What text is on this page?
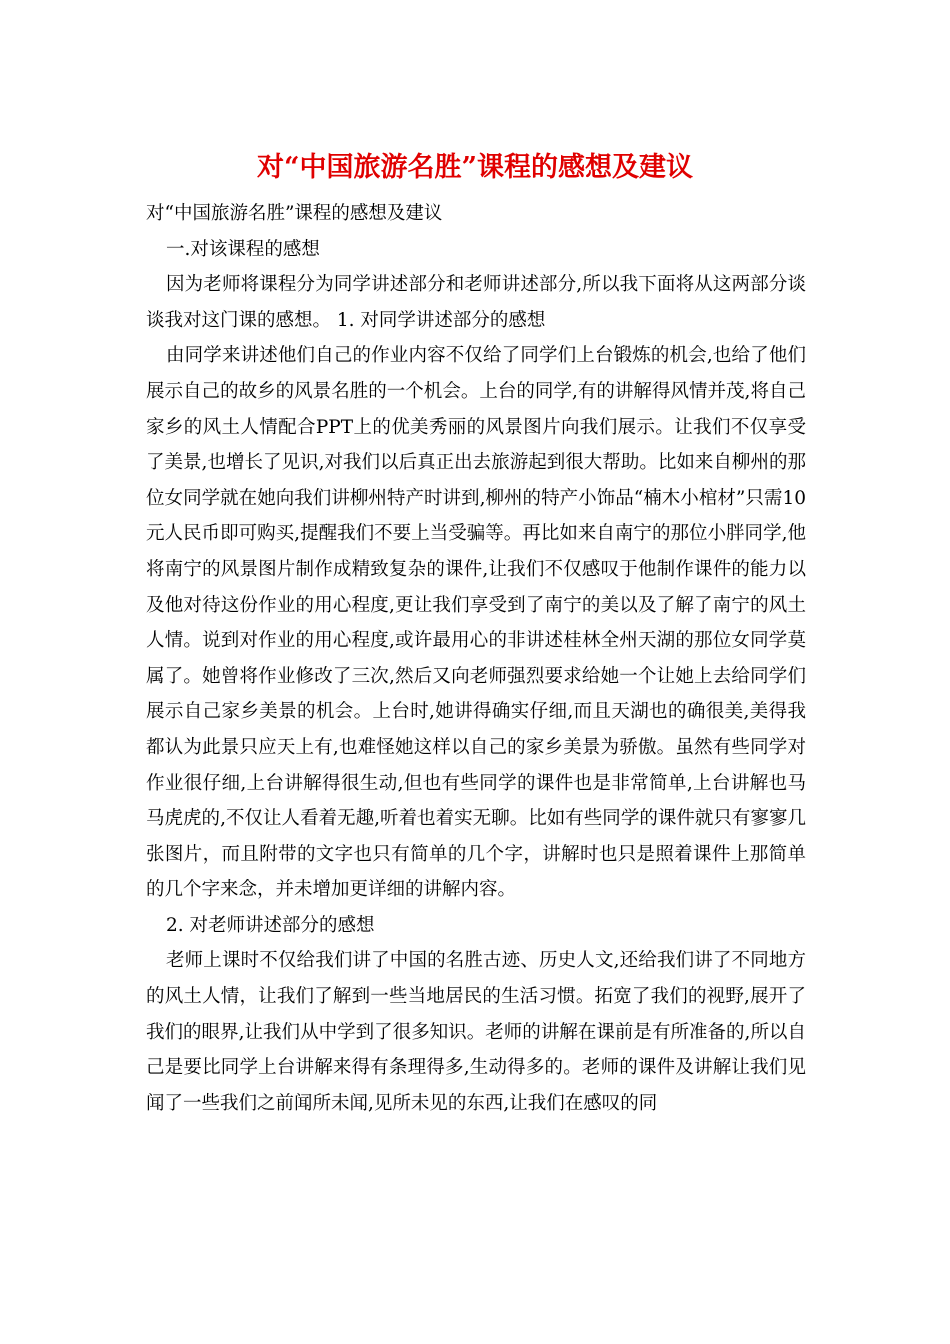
对“中国旅游名胜”课程的感想及建议

对“中国旅游名胜”课程的感想及建议

一.对该课程的感想

因为老师将课程分为同学讲述部分和老师讲述部分,所以我下面将从这两部分谈谈我对这门课的感想。 1. 对同学讲述部分的感想

由同学来讲述他们自己的作业内容不仅给了同学们上台锻炼的机会,也给了他们展示自己的故乡的风景名胜的一个机会。上台的同学,有的讲解得风情并茂,将自己家乡的风土人情配合PPT上的优美秀丽的风景图片向我们展示。让我们不仅享受了美景,也增长了见识,对我们以后真正出去旅游起到很大帮助。比如来自柳州的那位女同学就在她向我们讲柳州特产时讲到,柳州的特产小饰品“楠木小棺材”只需10元人民币即可购买,提醒我们不要上当受骗等。再比如来自南宁的那位小胖同学,他将南宁的风景图片制作成精致复杂的课件,让我们不仅感叹于他制作课件的能力以及他对待这份作业的用心程度,更让我们享受到了南宁的美以及了解了南宁的风土人情。说到对作业的用心程度,或许最用心的非讲述桂林全州天湖的那位女同学莫属了。她曾将作业修改了三次,然后又向老师强烈要求给她一个让她上去给同学们展示自己家乡美景的机会。上台时,她讲得确实仔细,而且天湖也的确很美,美得我都认为此景只应天上有,也难怪她这样以自己的家乡美景为骄傲。虽然有些同学对作业很仔细,上台讲解得很生动,但也有些同学的课件也是非常简单,上台讲解也马马虎虎的,不仅让人看着无趣,听着也着实无聊。比如有些同学的课件就只有寥寥几张图片，而且附带的文字也只有简单的几个字，讲解时也只是照着课件上那简单的几个字来念，并未增加更详细的讲解内容。

2. 对老师讲述部分的感想

老师上课时不仅给我们讲了中国的名胜古迹、历史人文,还给我们讲了不同地方的风土人情，让我们了解到一些当地居民的生活习惯。拓宽了我们的视野,展开了我们的眼界,让我们从中学到了很多知识。老师的讲解在课前是有所准备的,所以自己是要比同学上台讲解来得有条理得多,生动得多的。老师的课件及讲解让我们见闻了一些我们之前闻所未闻,见所未见的东西,让我们在感叹的同
